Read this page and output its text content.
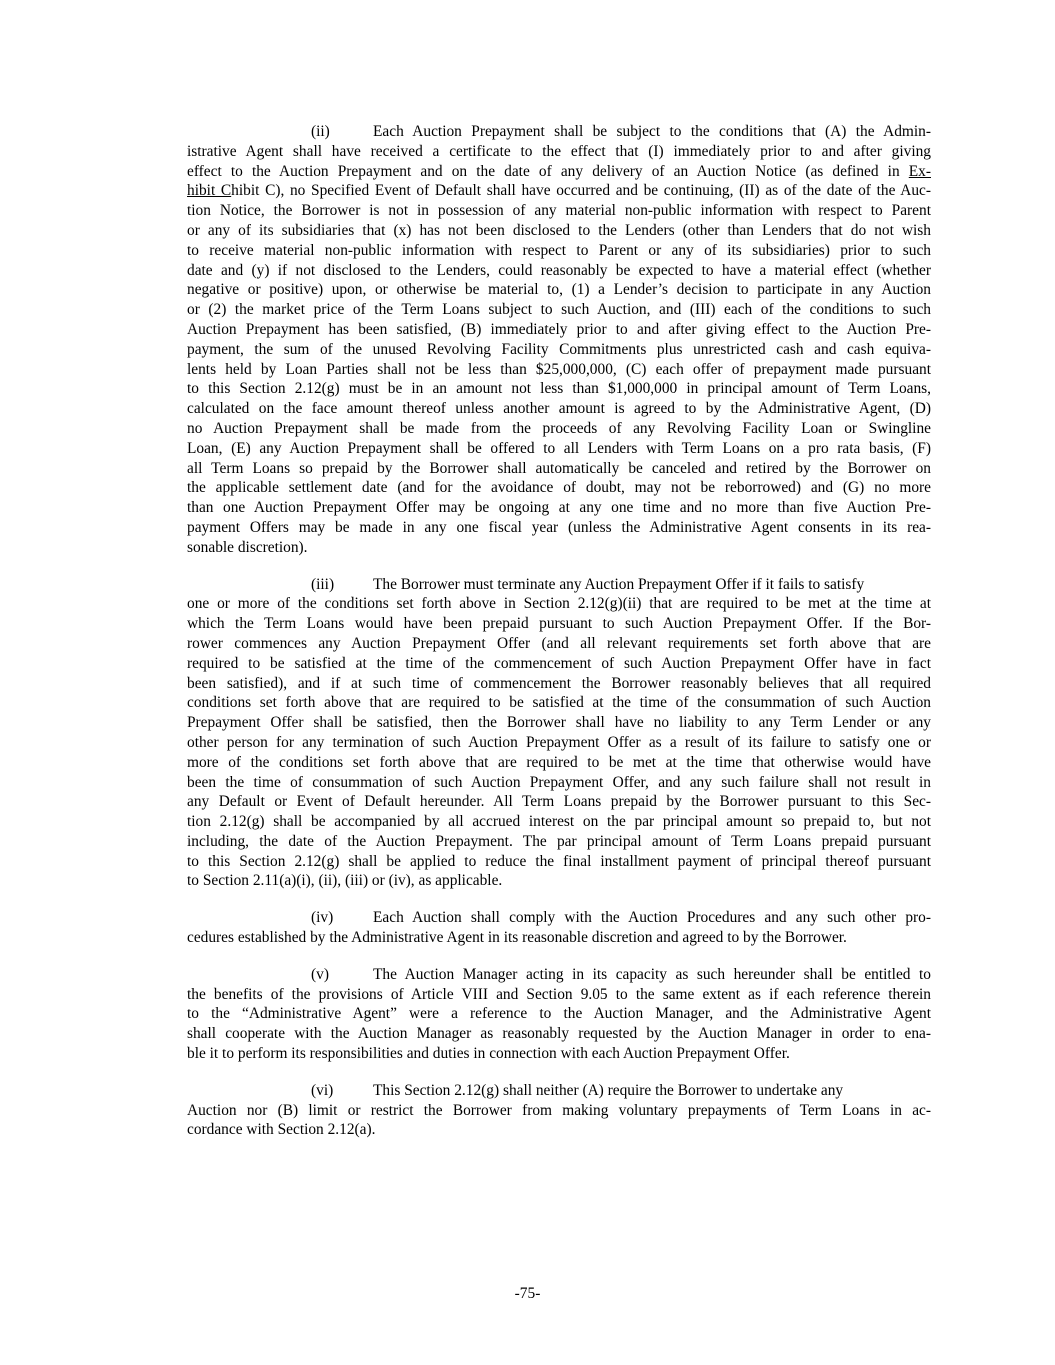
(ii)	Each Auction Prepayment shall be subject to the conditions that (A) the Admin-
istrative Agent shall have received a certificate to the effect that (I) immediately prior to and after giving
effect to the Auction Prepayment and on the date of any delivery of an Auction Notice (as defined in Ex-
hibit Chibit C), no Specified Event of Default shall have occurred and be continuing, (II) as of the date of the Auc-
tion Notice, the Borrower is not in possession of any material non-public information with respect to Parent
or any of its subsidiaries that (x) has not been disclosed to the Lenders (other than Lenders that do not wish
to receive material non-public information with respect to Parent or any of its subsidiaries) prior to such
date and (y) if not disclosed to the Lenders, could reasonably be expected to have a material effect (whether
negative or positive) upon, or otherwise be material to, (1) a Lender’s decision to participate in any Auction
or (2) the market price of the Term Loans subject to such Auction, and (III) each of the conditions to such
Auction Prepayment has been satisfied, (B) immediately prior to and after giving effect to the Auction Pre-
payment, the sum of the unused Revolving Facility Commitments plus unrestricted cash and cash equiva-
lents held by Loan Parties shall not be less than $25,000,000, (C) each offer of prepayment made pursuant
to this Section 2.12(g) must be in an amount not less than $1,000,000 in principal amount of Term Loans,
calculated on the face amount thereof unless another amount is agreed to by the Administrative Agent, (D)
no Auction Prepayment shall be made from the proceeds of any Revolving Facility Loan or Swingline
Loan, (E) any Auction Prepayment shall be offered to all Lenders with Term Loans on a pro rata basis, (F)
all Term Loans so prepaid by the Borrower shall automatically be canceled and retired by the Borrower on
the applicable settlement date (and for the avoidance of doubt, may not be reborrowed) and (G) no more
than one Auction Prepayment Offer may be ongoing at any one time and no more than five Auction Pre-
payment Offers may be made in any one fiscal year (unless the Administrative Agent consents in its rea-
sonable discretion).
(iii)	The Borrower must terminate any Auction Prepayment Offer if it fails to satisfy
one or more of the conditions set forth above in Section 2.12(g)(ii) that are required to be met at the time at
which the Term Loans would have been prepaid pursuant to such Auction Prepayment Offer. If the Bor-
rower commences any Auction Prepayment Offer (and all relevant requirements set forth above that are
required to be satisfied at the time of the commencement of such Auction Prepayment Offer have in fact
been satisfied), and if at such time of commencement the Borrower reasonably believes that all required
conditions set forth above that are required to be satisfied at the time of the consummation of such Auction
Prepayment Offer shall be satisfied, then the Borrower shall have no liability to any Term Lender or any
other person for any termination of such Auction Prepayment Offer as a result of its failure to satisfy one or
more of the conditions set forth above that are required to be met at the time that otherwise would have
been the time of consummation of such Auction Prepayment Offer, and any such failure shall not result in
any Default or Event of Default hereunder. All Term Loans prepaid by the Borrower pursuant to this Sec-
tion 2.12(g) shall be accompanied by all accrued interest on the par principal amount so prepaid to, but not
including, the date of the Auction Prepayment. The par principal amount of Term Loans prepaid pursuant
to this Section 2.12(g) shall be applied to reduce the final installment payment of principal thereof pursuant
to Section 2.11(a)(i), (ii), (iii) or (iv), as applicable.
(iv)	Each Auction shall comply with the Auction Procedures and any such other pro-
cedures established by the Administrative Agent in its reasonable discretion and agreed to by the Borrower.
(v)	The Auction Manager acting in its capacity as such hereunder shall be entitled to
the benefits of the provisions of Article VIII and Section 9.05 to the same extent as if each reference therein
to the “Administrative Agent” were a reference to the Auction Manager, and the Administrative Agent
shall cooperate with the Auction Manager as reasonably requested by the Auction Manager in order to ena-
ble it to perform its responsibilities and duties in connection with each Auction Prepayment Offer.
(vi)	This Section 2.12(g) shall neither (A) require the Borrower to undertake any
Auction nor (B) limit or restrict the Borrower from making voluntary prepayments of Term Loans in ac-
cordance with Section 2.12(a).
-75-
